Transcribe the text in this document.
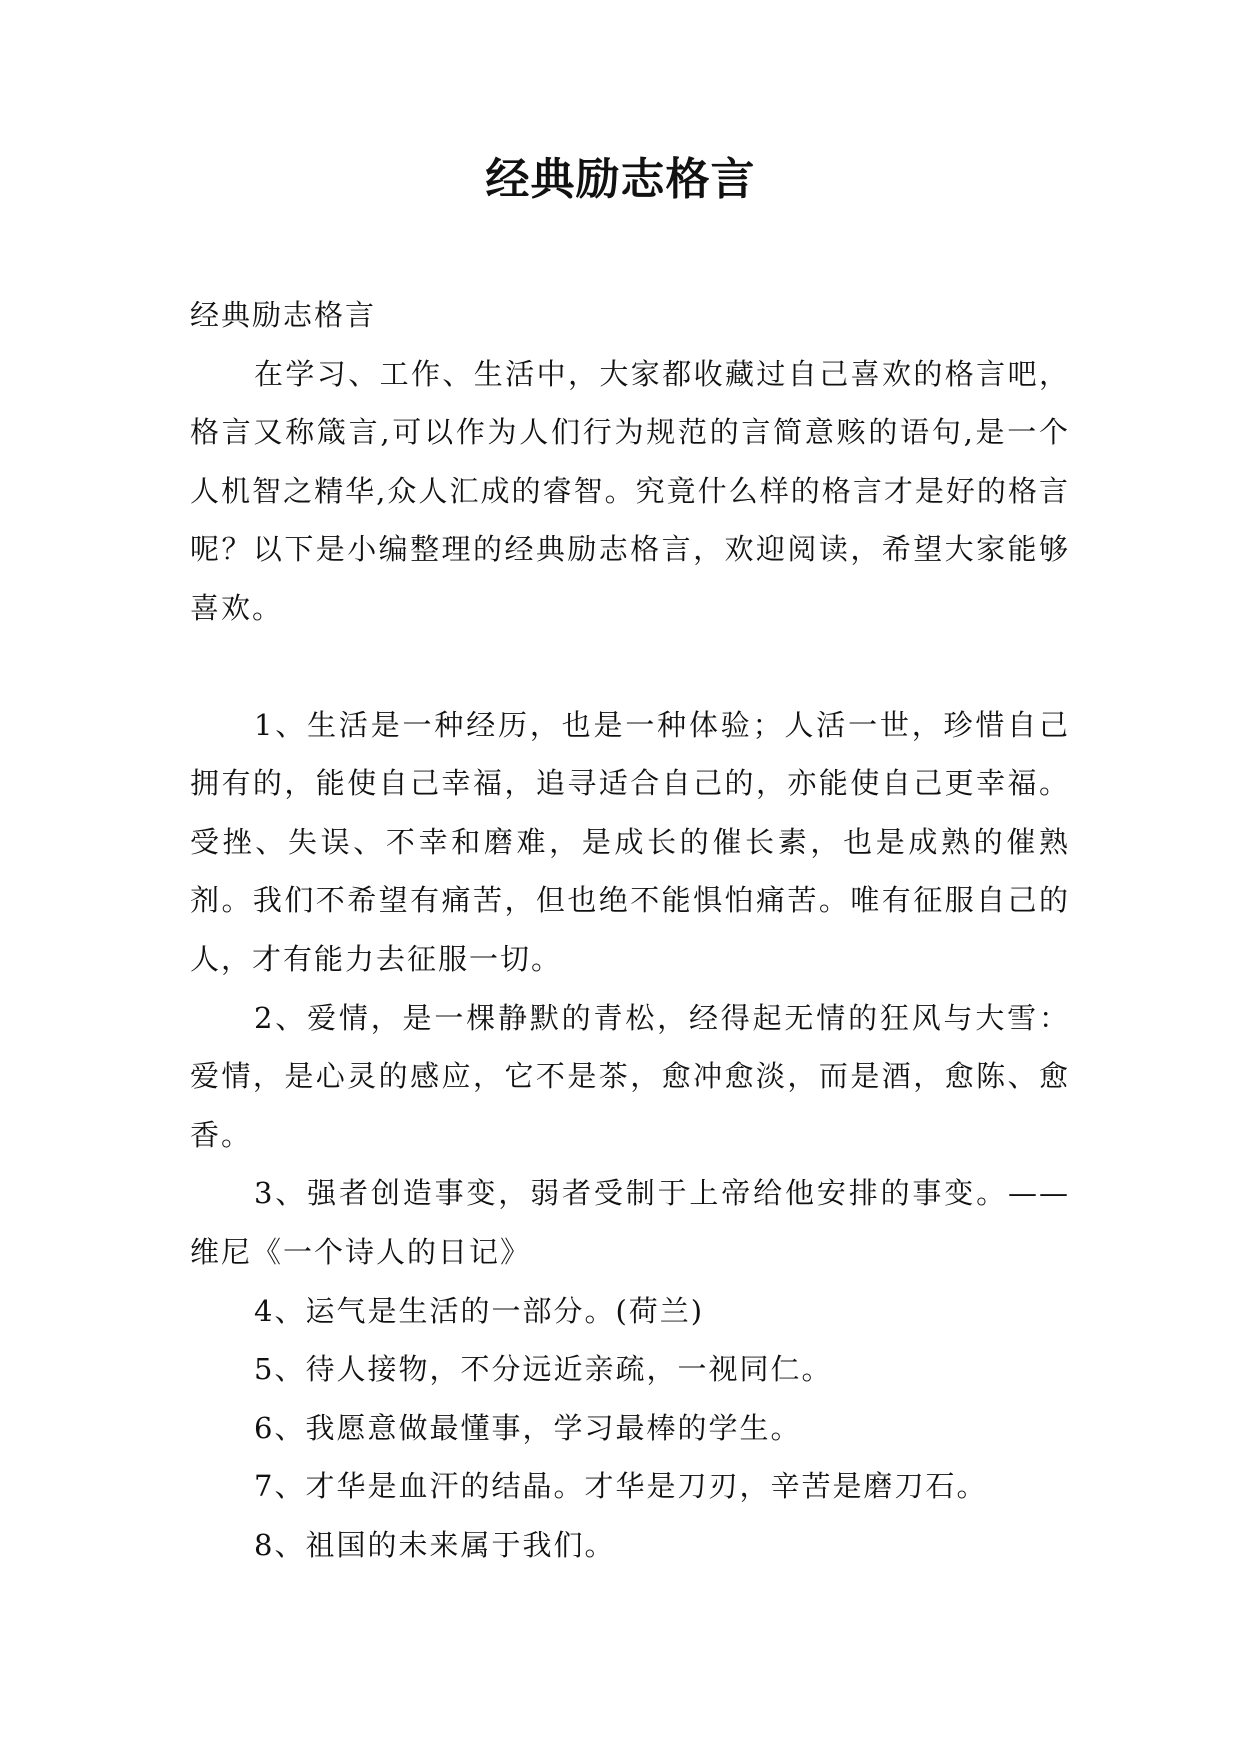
经典励志格言

经典励志格言

在学习、工作、生活中，大家都收藏过自己喜欢的格言吧，格言又称箴言,可以作为人们行为规范的言简意赅的语句,是一个人机智之精华,众人汇成的睿智。究竟什么样的格言才是好的格言呢？以下是小编整理的经典励志格言，欢迎阅读，希望大家能够喜欢。

1、生活是一种经历，也是一种体验；人活一世，珍惜自己拥有的，能使自己幸福，追寻适合自己的，亦能使自己更幸福。受挫、失误、不幸和磨难，是成长的催长素，也是成熟的催熟剂。我们不希望有痛苦，但也绝不能惧怕痛苦。唯有征服自己的人，才有能力去征服一切。

2、爱情，是一棵静默的青松，经得起无情的狂风与大雪：爱情，是心灵的感应，它不是茶，愈冲愈淡，而是酒，愈陈、愈香。

3、强者创造事变，弱者受制于上帝给他安排的事变。——维尼《一个诗人的日记》

4、运气是生活的一部分。(荷兰)

5、待人接物，不分远近亲疏，一视同仁。

6、我愿意做最懂事，学习最棒的学生。

7、才华是血汗的结晶。才华是刀刃，辛苦是磨刀石。

8、祖国的未来属于我们。
